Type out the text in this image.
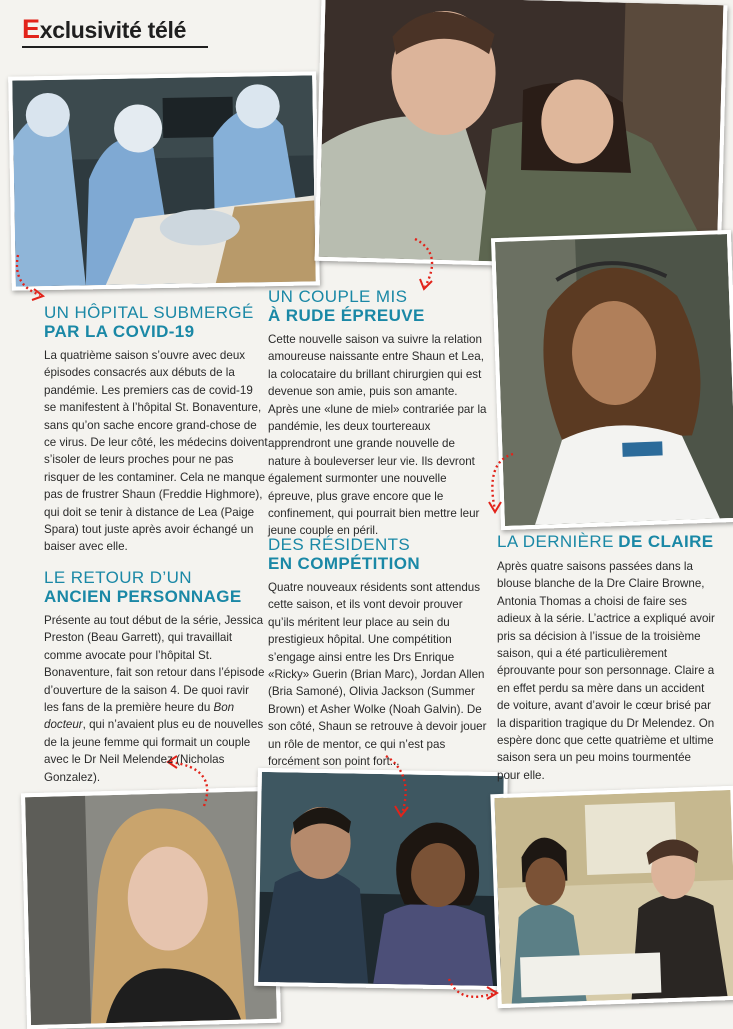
Exclusivité télé
UN HÔPITAL SUBMERGÉ
PAR LA COVID-19

La quatrième saison s’ouvre avec deux épisodes consacrés aux débuts de la pandémie. Les premiers cas de covid-19 se manifestent à l’hôpital St. Bonaventure, sans qu’on sache encore grand-chose de ce virus. De leur côté, les médecins doivent s’isoler de leurs proches pour ne pas risquer de les contaminer. Cela ne manque pas de frustrer Shaun (Freddie Highmore), qui doit se tenir à distance de Lea (Paige Spara) tout juste après avoir échangé un baiser avec elle.

LE RETOUR D’UN
ANCIEN PERSONNAGE

Présente au tout début de la série, Jessica Preston (Beau Garrett), qui travaillait comme avocate pour l’hôpital St. Bonaventure, fait son retour dans l’épisode d’ouverture de la saison 4. De quoi ravir les fans de la première heure du Bon docteur, qui n’avaient plus eu de nouvelles de la jeune femme qui formait un couple avec le Dr Neil Melendez (Nicholas Gonzalez).

UN COUPLE MIS
À RUDE ÉPREUVE

Cette nouvelle saison va suivre la relation amoureuse naissante entre Shaun et Lea, la colocataire du brillant chirurgien qui est devenue son amie, puis son amante. Après une «lune de miel» contrariée par la pandémie, les deux tourtereaux apprendront une grande nouvelle de nature à bouleverser leur vie. Ils devront également surmonter une nouvelle épreuve, plus grave encore que le confinement, qui pourrait bien mettre leur jeune couple en péril.

DES RÉSIDENTS
EN COMPÉTITION

Quatre nouveaux résidents sont attendus cette saison, et ils vont devoir prouver qu’ils méritent leur place au sein du prestigieux hôpital. Une compétition s’engage ainsi entre les Drs Enrique «Ricky» Guerin (Brian Marc), Jordan Allen (Bria Samoné), Olivia Jackson (Summer Brown) et Asher Wolke (Noah Galvin). De son côté, Shaun se retrouve à devoir jouer un rôle de mentor, ce qui n’est pas forcément son point fort...

LA DERNIÈRE DE CLAIRE

Après quatre saisons passées dans la blouse blanche de la Dre Claire Browne, Antonia Thomas a choisi de faire ses adieux à la série. L’actrice a expliqué avoir pris sa décision à l’issue de la troisième saison, qui a été particulièrement éprouvante pour son personnage. Claire a en effet perdu sa mère dans un accident de voiture, avant d’avoir le cœur brisé par la disparition tragique du Dr Melendez. On espère donc que cette quatrième et ultime saison sera un peu moins tourmentée pour elle.
